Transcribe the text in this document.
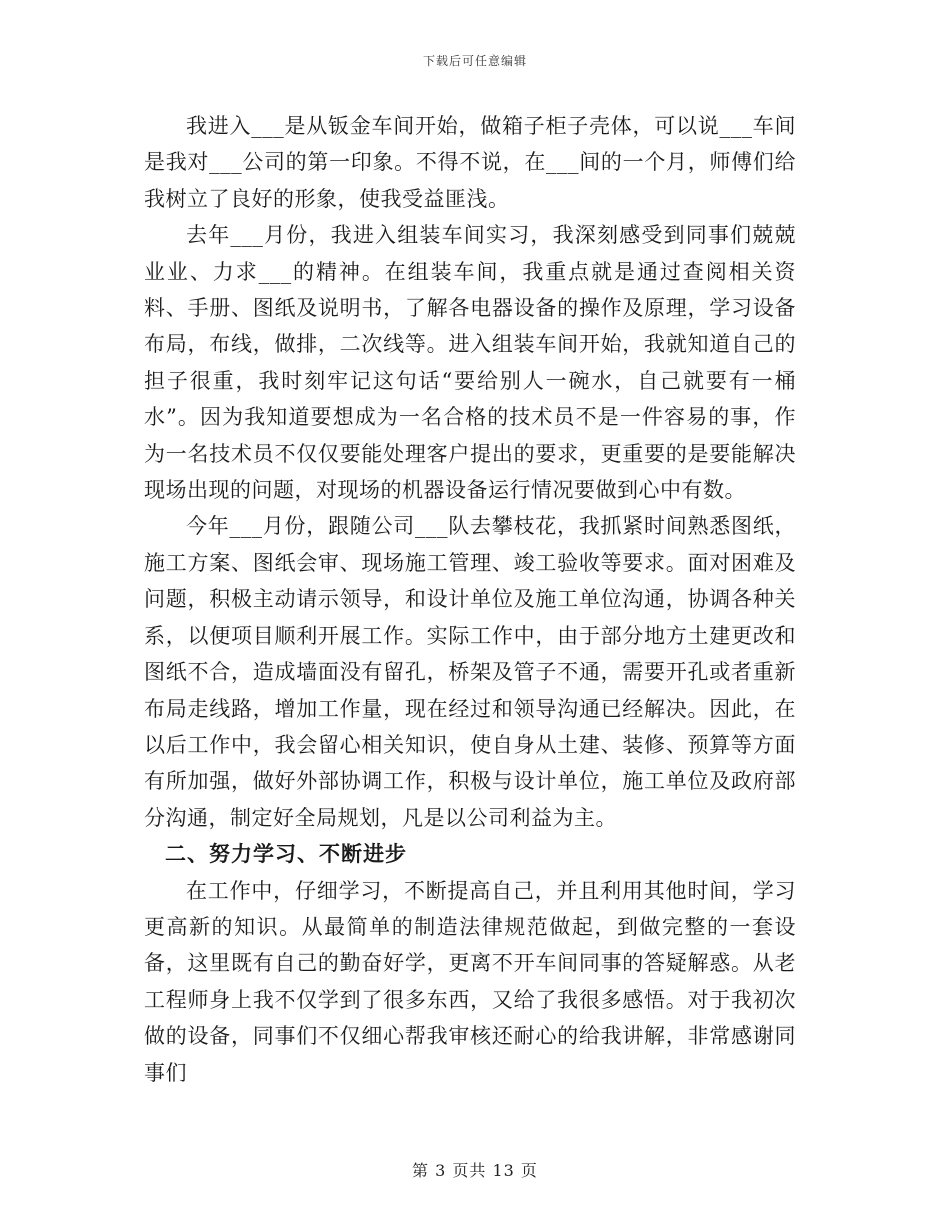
下载后可任意编辑

我进入___是从钣金车间开始，做箱子柜子壳体，可以说___车间是我对___公司的第一印象。不得不说，在___间的一个月，师傅们给我树立了良好的形象，使我受益匪浅。

去年___月份，我进入组装车间实习，我深刻感受到同事们兢兢业业、力求___的精神。在组装车间，我重点就是通过查阅相关资料、手册、图纸及说明书，了解各电器设备的操作及原理，学习设备布局，布线，做排，二次线等。进入组装车间开始，我就知道自己的担子很重，我时刻牢记这句话“要给别人一碗水，自己就要有一桶水”。因为我知道要想成为一名合格的技术员不是一件容易的事，作为一名技术员不仅仅要能处理客户提出的要求，更重要的是要能解决现场出现的问题，对现场的机器设备运行情况要做到心中有数。

今年___月份，跟随公司___队去攀枝花，我抓紧时间熟悉图纸，施工方案、图纸会审、现场施工管理、竣工验收等要求。面对困难及问题，积极主动请示领导，和设计单位及施工单位沟通，协调各种关系，以便项目顺利开展工作。实际工作中，由于部分地方土建更改和图纸不合，造成墙面没有留孔，桥架及管子不通，需要开孔或者重新布局走线路，增加工作量，现在经过和领导沟通已经解决。因此，在以后工作中，我会留心相关知识，使自身从土建、装修、预算等方面有所加强，做好外部协调工作，积极与设计单位，施工单位及政府部分沟通，制定好全局规划，凡是以公司利益为主。

二、努力学习、不断进步

在工作中，仔细学习，不断提高自己，并且利用其他时间，学习更高新的知识。从最简单的制造法律规范做起，到做完整的一套设备，这里既有自己的勤奋好学，更离不开车间同事的答疑解惑。从老工程师身上我不仅学到了很多东西，又给了我很多感悟。对于我初次做的设备，同事们不仅细心帮我审核还耐心的给我讲解，非常感谢同事们

第 3 页共 13 页
